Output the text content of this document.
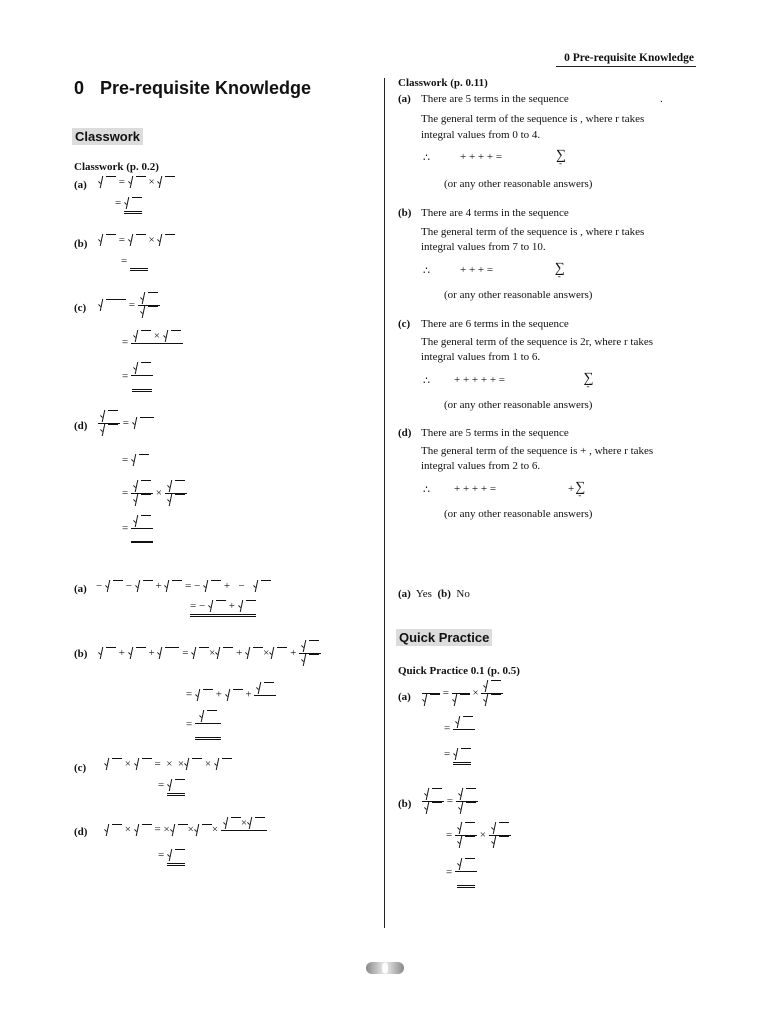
0 Pre-requisite Knowledge
0 Pre-requisite Knowledge
Classwork
Classwork (p. 0.2)
(a)	= ×
=
(b)	= ×
=
(c)	=
=
×

=

(d)	=
=
=	×
=

(a) − − + = − + −
= − +
(b)	+ +	= × + × +
= + +

=

(c)	× = × × ×
=
(d)	× = × × ×
×

=
Classwork (p. 0.11)
(a) There are 5 terms in the sequence	.
The general term of the sequence is , where r takes
integral values from 0 to 4.
∴	+ + + + =	∑ -
(or any other reasonable answers)
(b) There are 4 terms in the sequence
The general term of the sequence is , where r takes
integral values from 7 to 10.
∴	+ + + =	∑ -
(or any other reasonable answers)
(c) There are 6 terms in the sequence
The general term of the sequence is 2r, where r takes
integral values from 1 to 6.
∴ + + + + + =	∑ -
(or any other reasonable answers)
(d) There are 5 terms in the sequence
The general term of the sequence is + , where r takes
integral values from 2 to 6.
∴ + + + + =	∑ -
+
(or any other reasonable answers)
(a) Yes (b) No
Quick Practice
Quick Practice 0.1 (p. 0.5)
(a)
	=
×
=

=
(b)	=
=	×
=
